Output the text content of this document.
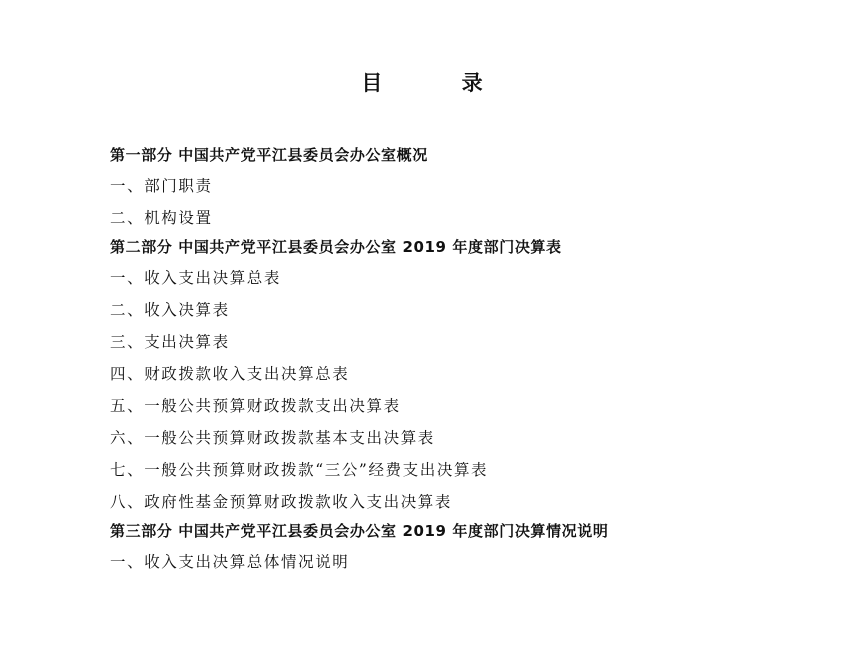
目 录
第一部分 中国共产党平江县委员会办公室概况
一、部门职责
二、机构设置
第二部分 中国共产党平江县委员会办公室 2019 年度部门决算表
一、收入支出决算总表
二、收入决算表
三、支出决算表
四、财政拨款收入支出决算总表
五、一般公共预算财政拨款支出决算表
六、一般公共预算财政拨款基本支出决算表
七、一般公共预算财政拨款“三公”经费支出决算表
八、政府性基金预算财政拨款收入支出决算表
第三部分 中国共产党平江县委员会办公室 2019 年度部门决算情况说明
一、收入支出决算总体情况说明
